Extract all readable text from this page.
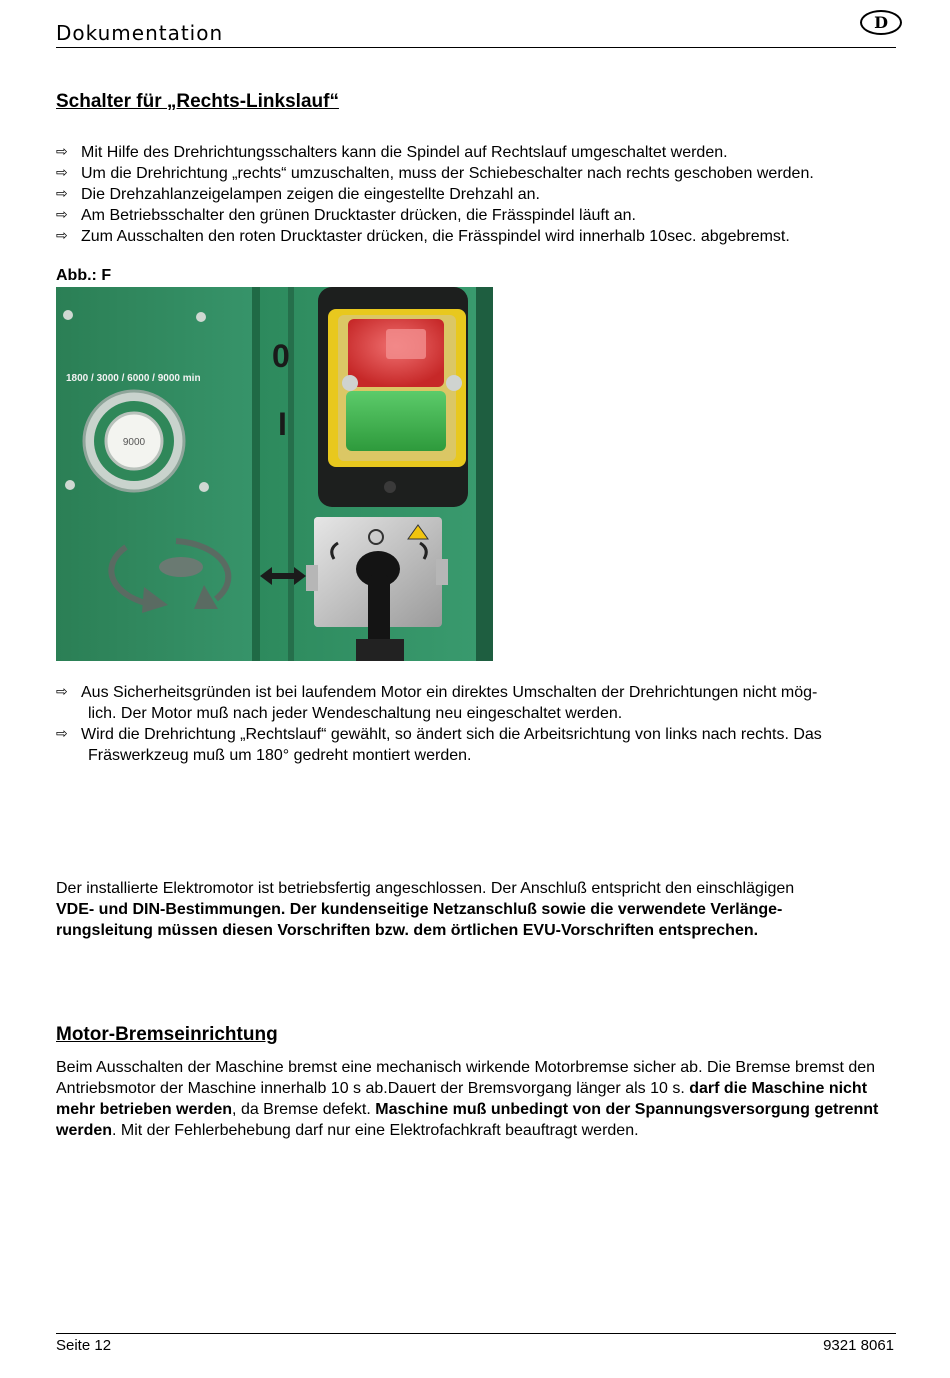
Dokumentation	D
Schalter für „Rechts-Linkslauf“
⇨ Mit Hilfe des Drehrichtungsschalters kann die Spindel auf Rechtslauf umgeschaltet werden.
⇨ Um die Drehrichtung „rechts“ umzuschalten, muss der Schiebeschalter nach rechts geschoben werden.
⇨ Die Drehzahlanzeigelampen zeigen die eingestellte Drehzahl an.
⇨ Am Betriebsschalter den grünen Drucktaster drücken, die Frässpindel läuft an.
⇨ Zum Ausschalten den roten Drucktaster drücken, die Frässpindel wird innerhalb 10sec. abgebremst.
Abb.: F
1800 / 3000 / 6000 / 9000 min
9000
0
I
⇨ Aus Sicherheitsgründen ist bei laufendem Motor ein direktes Umschalten der Drehrichtungen nicht mög-
lich. Der Motor muß nach jeder Wendeschaltung neu eingeschaltet werden.
⇨ Wird die Drehrichtung „Rechtslauf“ gewählt, so ändert sich die Arbeitsrichtung von links nach rechts. Das
Fräswerkzeug muß um 180° gedreht montiert werden.
Der installierte Elektromotor ist betriebsfertig angeschlossen. Der Anschluß entspricht den einschlägigen
VDE- und DIN-Bestimmungen. Der kundenseitige Netzanschluß sowie die verwendete Verlänge-rungsleitung müssen diesen Vorschriften bzw. dem örtlichen EVU-Vorschriften entsprechen.
Motor-Bremseinrichtung
Beim Ausschalten der Maschine bremst eine mechanisch wirkende Motorbremse sicher ab. Die Bremse bremst den Antriebsmotor der Maschine innerhalb 10 s ab.Dauert der Bremsvorgang länger als 10 s. darf die Maschine nicht mehr betrieben werden, da Bremse defekt. Maschine muß unbedingt von der Spannungsversorgung getrennt werden. Mit der Fehlerbehebung darf nur eine Elektrofachkraft beauftragt werden.
Seite 12	9321 8061
